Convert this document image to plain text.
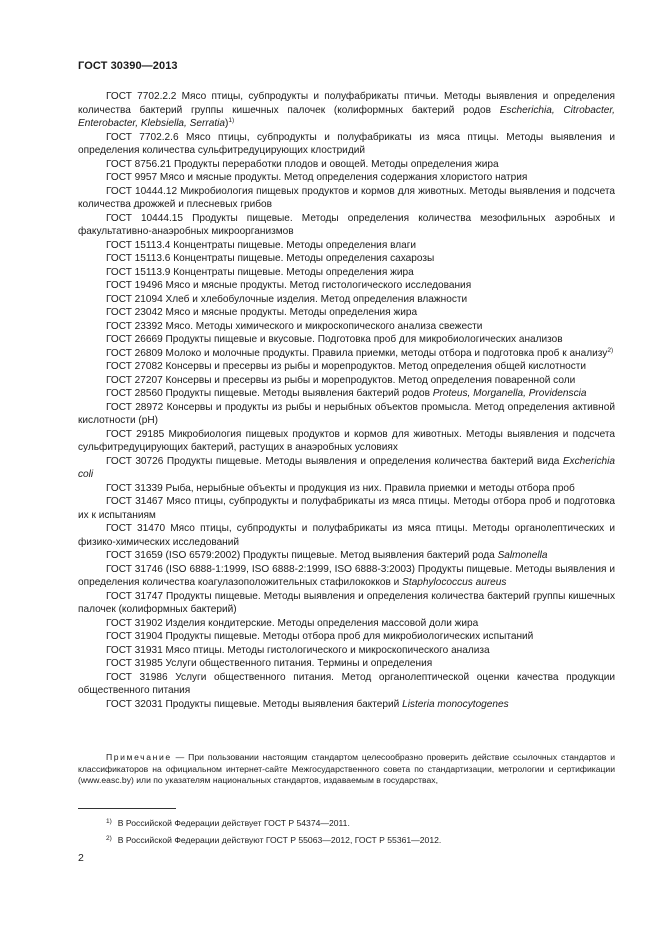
ГОСТ 30390—2013

ГОСТ 7702.2.2 Мясо птицы, субпродукты и полуфабрикаты птичьи. Методы выявления и определения количества бактерий группы кишечных палочек (колиформных бактерий родов Escherichia, Citrobacter, Enterobacter, Klebsiella, Serratia)$^{1)}$

ГОСТ 7702.2.6 Мясо птицы, субпродукты и полуфабрикаты из мяса птицы. Методы выявления и определения количества сульфитредуцирующих клостридий

ГОСТ 8756.21 Продукты переработки плодов и овощей. Методы определения жира

ГОСТ 9957 Мясо и мясные продукты. Метод определения содержания хлористого натрия

ГОСТ 10444.12 Микробиология пищевых продуктов и кормов для животных. Методы выявления и подсчета количества дрожжей и плесневых грибов

ГОСТ 10444.15 Продукты пищевые. Методы определения количества мезофильных аэробных и факультативно-анаэробных микроорганизмов

ГОСТ 15113.4 Концентраты пищевые. Методы определения влаги

ГОСТ 15113.6 Концентраты пищевые. Методы определения сахарозы

ГОСТ 15113.9 Концентраты пищевые. Методы определения жира

ГОСТ 19496 Мясо и мясные продукты. Метод гистологического исследования

ГОСТ 21094 Хлеб и хлебобулочные изделия. Метод определения влажности

ГОСТ 23042 Мясо и мясные продукты. Методы определения жира

ГОСТ 23392 Мясо. Методы химического и микроскопического анализа свежести

ГОСТ 26669 Продукты пищевые и вкусовые. Подготовка проб для микробиологических анализов

ГОСТ 26809 Молоко и молочные продукты. Правила приемки, методы отбора и подготовка проб к анализу$^{2)}$

ГОСТ 27082 Консервы и пресервы из рыбы и морепродуктов. Метод определения общей кислотности

ГОСТ 27207 Консервы и пресервы из рыбы и морепродуктов. Метод определения поваренной соли

ГОСТ 28560 Продукты пищевые. Методы выявления бактерий родов Proteus, Morganella, Providenscia

ГОСТ 28972 Консервы и продукты из рыбы и нерыбных объектов промысла. Метод определения активной кислотности (pH)

ГОСТ 29185 Микробиология пищевых продуктов и кормов для животных. Методы выявления и подсчета сульфитредуцирующих бактерий, растущих в анаэробных условиях

ГОСТ 30726 Продукты пищевые. Методы выявления и определения количества бактерий вида Excherichia coli

ГОСТ 31339 Рыба, нерыбные объекты и продукция из них. Правила приемки и методы отбора проб

ГОСТ 31467 Мясо птицы, субпродукты и полуфабрикаты из мяса птицы. Методы отбора проб и подготовка их к испытаниям

ГОСТ 31470 Мясо птицы, субпродукты и полуфабрикаты из мяса птицы. Методы органолептических и физико-химических исследований

ГОСТ 31659 (ISO 6579:2002) Продукты пищевые. Метод выявления бактерий рода Salmonella

ГОСТ 31746 (ISO 6888-1:1999, ISO 6888-2:1999, ISO 6888-3:2003) Продукты пищевые. Методы выявления и определения количества коагулазоположительных стафилококков и Staphylococcus aureus

ГОСТ 31747 Продукты пищевые. Методы выявления и определения количества бактерий группы кишечных палочек (колиформных бактерий)

ГОСТ 31902 Изделия кондитерские. Методы определения массовой доли жира

ГОСТ 31904 Продукты пищевые. Методы отбора проб для микробиологических испытаний

ГОСТ 31931 Мясо птицы. Методы гистологического и микроскопического анализа

ГОСТ 31985 Услуги общественного питания. Термины и определения

ГОСТ 31986 Услуги общественного питания. Метод органолептической оценки качества продукции общественного питания

ГОСТ 32031 Продукты пищевые. Методы выявления бактерий Listeria monocytogenes

Примечание — При пользовании настоящим стандартом целесообразно проверить действие ссылочных стандартов и классификаторов на официальном интернет-сайте Межгосударственного совета по стандартизации, метрологии и сертификации (www.easc.by) или по указателям национальных стандартов, издаваемым в государствах,
$^{1)}$ В Российской Федерации действует ГОСТ Р 54374—2011.
$^{2)}$ В Российской Федерации действуют ГОСТ Р 55063—2012, ГОСТ Р 55361—2012.
2
